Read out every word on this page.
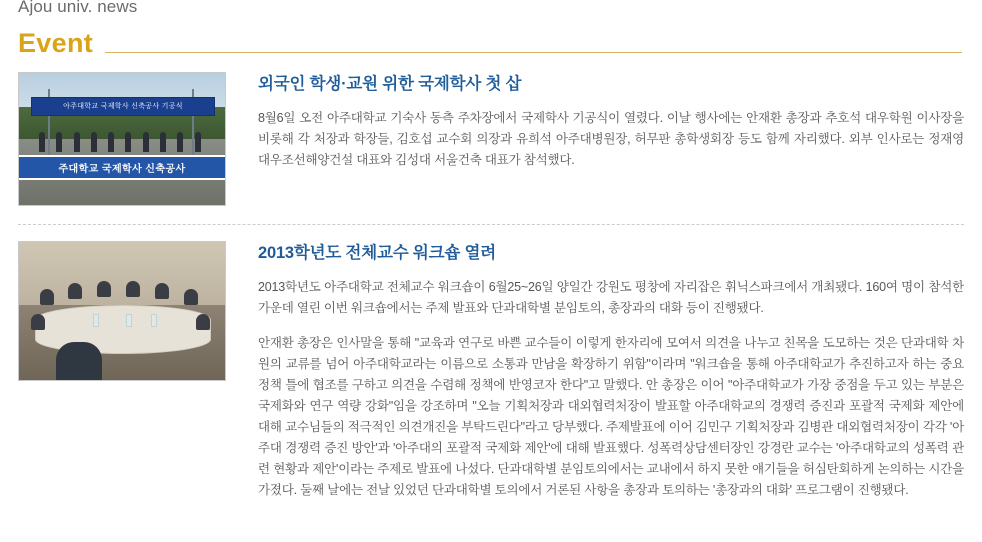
Ajou univ. news
Event
아주대학교 국제학사 신축공사 기공식
주대학교 국제학사 신축공사
외국인 학생·교원 위한 국제학사 첫 삽

8월6일 오전 아주대학교 기숙사 동측 주차장에서 국제학사 기공식이 열렸다. 이날 행사에는 안재환 총장과 추호석 대우학원 이사장을 비롯해 각 처장과 학장들, 김호섭 교수회 의장과 유희석 아주대병원장, 허무판 총학생회장 등도 함께 자리했다. 외부 인사로는 정재영 대우조선해양건설 대표와 김성대 서울건축 대표가 참석했다.

2013학년도 전체교수 워크숍 열려

2013학년도 아주대학교 전체교수 워크숍이 6월25~26일 양일간 강원도 평창에 자리잡은 휘닉스파크에서 개최됐다. 160여 명이 참석한 가운데 열린 이번 워크숍에서는 주제 발표와 단과대학별 분임토의, 총장과의 대화 등이 진행됐다.

안재환 총장은 인사말을 통해 "교육과 연구로 바쁜 교수들이 이렇게 한자리에 모여서 의견을 나누고 친목을 도모하는 것은 단과대학 차원의 교류를 넘어 아주대학교라는 이름으로 소통과 만남을 확장하기 위함"이라며 "워크숍을 통해 아주대학교가 추진하고자 하는 중요 정책 틀에 협조를 구하고 의견을 수렴해 정책에 반영코자 한다"고 말했다. 안 총장은 이어 "아주대학교가 가장 중점을 두고 있는 부분은 국제화와 연구 역량 강화"임을 강조하며 "오늘 기획처장과 대외협력처장이 발표할 아주대학교의 경쟁력 증진과 포괄적 국제화 제안에 대해 교수님들의 적극적인 의견개진을 부탁드린다"라고 당부했다. 주제발표에 이어 김민구 기획처장과 김병관 대외협력처장이 각각 '아주대 경쟁력 증진 방안'과 '아주대의 포괄적 국제화 제안'에 대해 발표했다. 성폭력상담센터장인 강경란 교수는 '아주대학교의 성폭력 관련 현황과 제안'이라는 주제로 발표에 나섰다. 단과대학별 분임토의에서는 교내에서 하지 못한 얘기들을 허심탄회하게 논의하는 시간을 가졌다. 둘째 날에는 전날 있었던 단과대학별 토의에서 거론된 사항을 총장과 토의하는 '총장과의 대화' 프로그램이 진행됐다.
